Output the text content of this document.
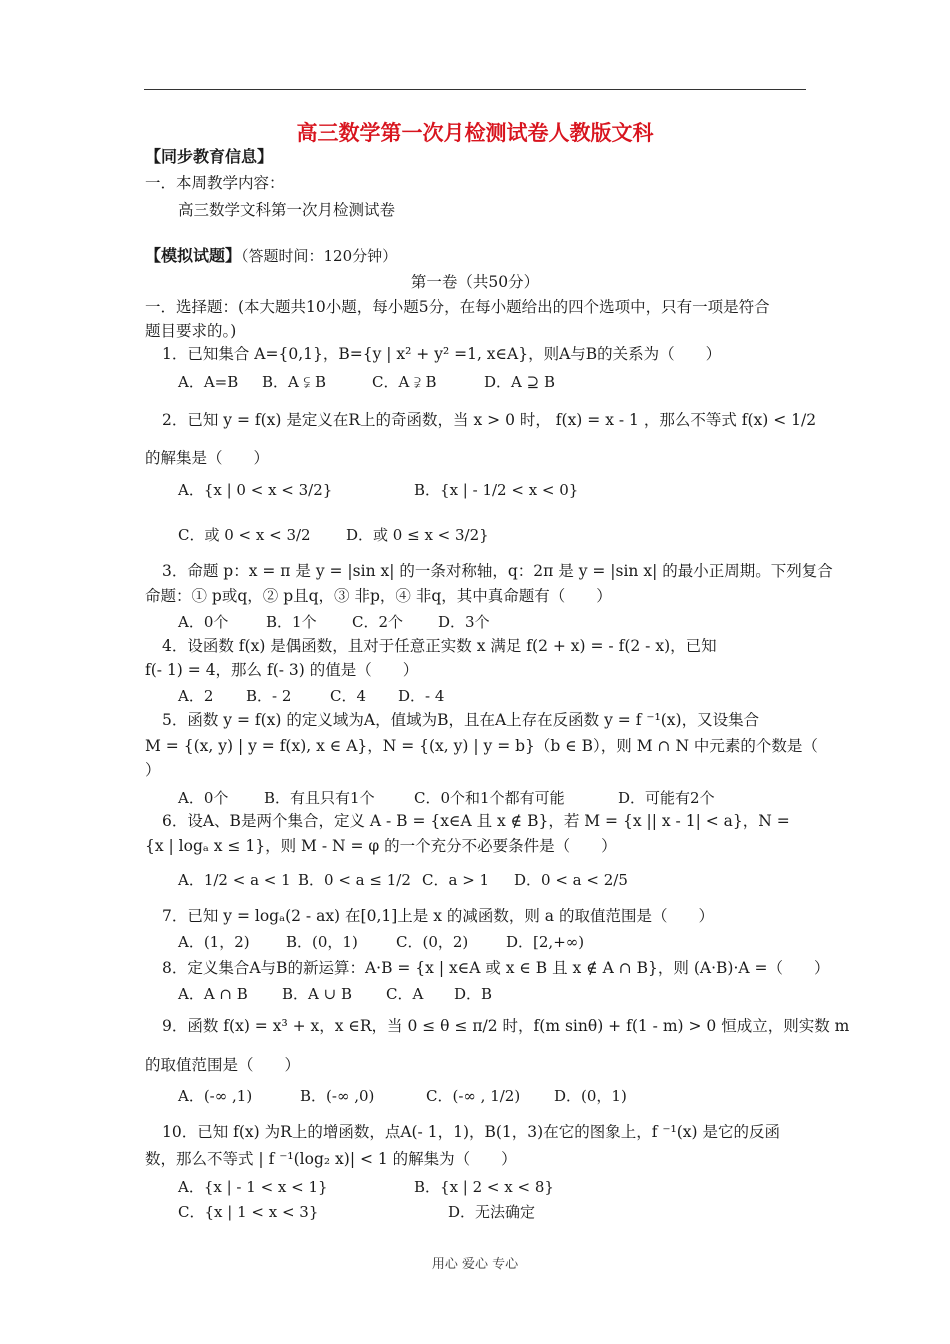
高三数学第一次月检测试卷人教版文科
【同步教育信息】
一．本周教学内容：
高三数学文科第一次月检测试卷
【模拟试题】（答题时间：120分钟）
第一卷（共50分）
一．选择题：(本大题共10小题，每小题5分，在每小题给出的四个选项中，只有一项是符合
题目要求的。)
1．已知集合 A={0,1}，B={y | x² + y² =1, x∈A}，则A与B的关系为（　　）
A．A=B B．A ⫋ B	C．A ⫌ B	D．A ⊇ B
2．已知 y = f(x) 是定义在R上的奇函数，当 x > 0 时， f(x) = x - 1 ，那么不等式 f(x) < 1/2
的解集是（　　）
A．{x | 0 < x < 3/2}	B．{x | - 1/2 < x < 0}
C．或 0 < x < 3/2 D．或 0 ≤ x < 3/2}
3．命题 p：x = π 是 y = |sin x| 的一条对称轴，q：2π 是 y = |sin x| 的最小正周期。下列复合
命题：① p或q，② p且q，③ 非p，④ 非q，其中真命题有（　　）
A．0个	B．1个 C．2个 D．3个
4．设函数 f(x) 是偶函数，且对于任意正实数 x 满足 f(2 + x) = - f(2 - x)，已知
f(- 1) = 4，那么 f(- 3) 的值是（　　）
A．2 B．- 2	C．4 D．- 4
5．函数 y = f(x) 的定义域为A，值域为B，且在A上存在反函数 y = f ⁻¹(x)，又设集合
M = {(x, y) | y = f(x), x ∈ A}，N = {(x, y) | y = b}（b ∈ B），则 M ∩ N 中元素的个数是（
）
A．0个 B．有且只有1个	C．0个和1个都有可能	D．可能有2个
6．设A、B是两个集合，定义 A - B = {x∈A 且 x ∉ B}，若 M = {x || x - 1| < a}，N =
{x | logₐ x ≤ 1}，则 M - N = φ 的一个充分不必要条件是（　　）
A．1/2 < a < 1 B．0 < a ≤ 1/2 C．a > 1 D．0 < a < 2/5
7．已知 y = logₐ(2 - ax) 在[0,1]上是 x 的减函数，则 a 的取值范围是（　　）
A．(1，2) B．(0，1)	C．(0，2)	D．[2,+∞)
8．定义集合A与B的新运算：A·B = {x | x∈A 或 x ∈ B 且 x ∉ A ∩ B}，则 (A·B)·A =（　　）
A．A ∩ B B．A ∪ B C．A D．B
9．函数 f(x) = x³ + x，x ∈R，当 0 ≤ θ ≤ π/2 时，f(m sinθ) + f(1 - m) > 0 恒成立，则实数 m
的取值范围是（　　）
A．(-∞ ,1)	B．(-∞ ,0)	C．(-∞ , 1/2) D．(0，1)
10．已知 f(x) 为R上的增函数，点A(- 1，1)，B(1，3)在它的图象上，f ⁻¹(x) 是它的反函
数，那么不等式 | f ⁻¹(log₂ x)| < 1 的解集为（　　）
A．{x | - 1 < x < 1}	B．{x | 2 < x < 8}
C．{x | 1 < x < 3}	D．无法确定
用心 爱心 专心
